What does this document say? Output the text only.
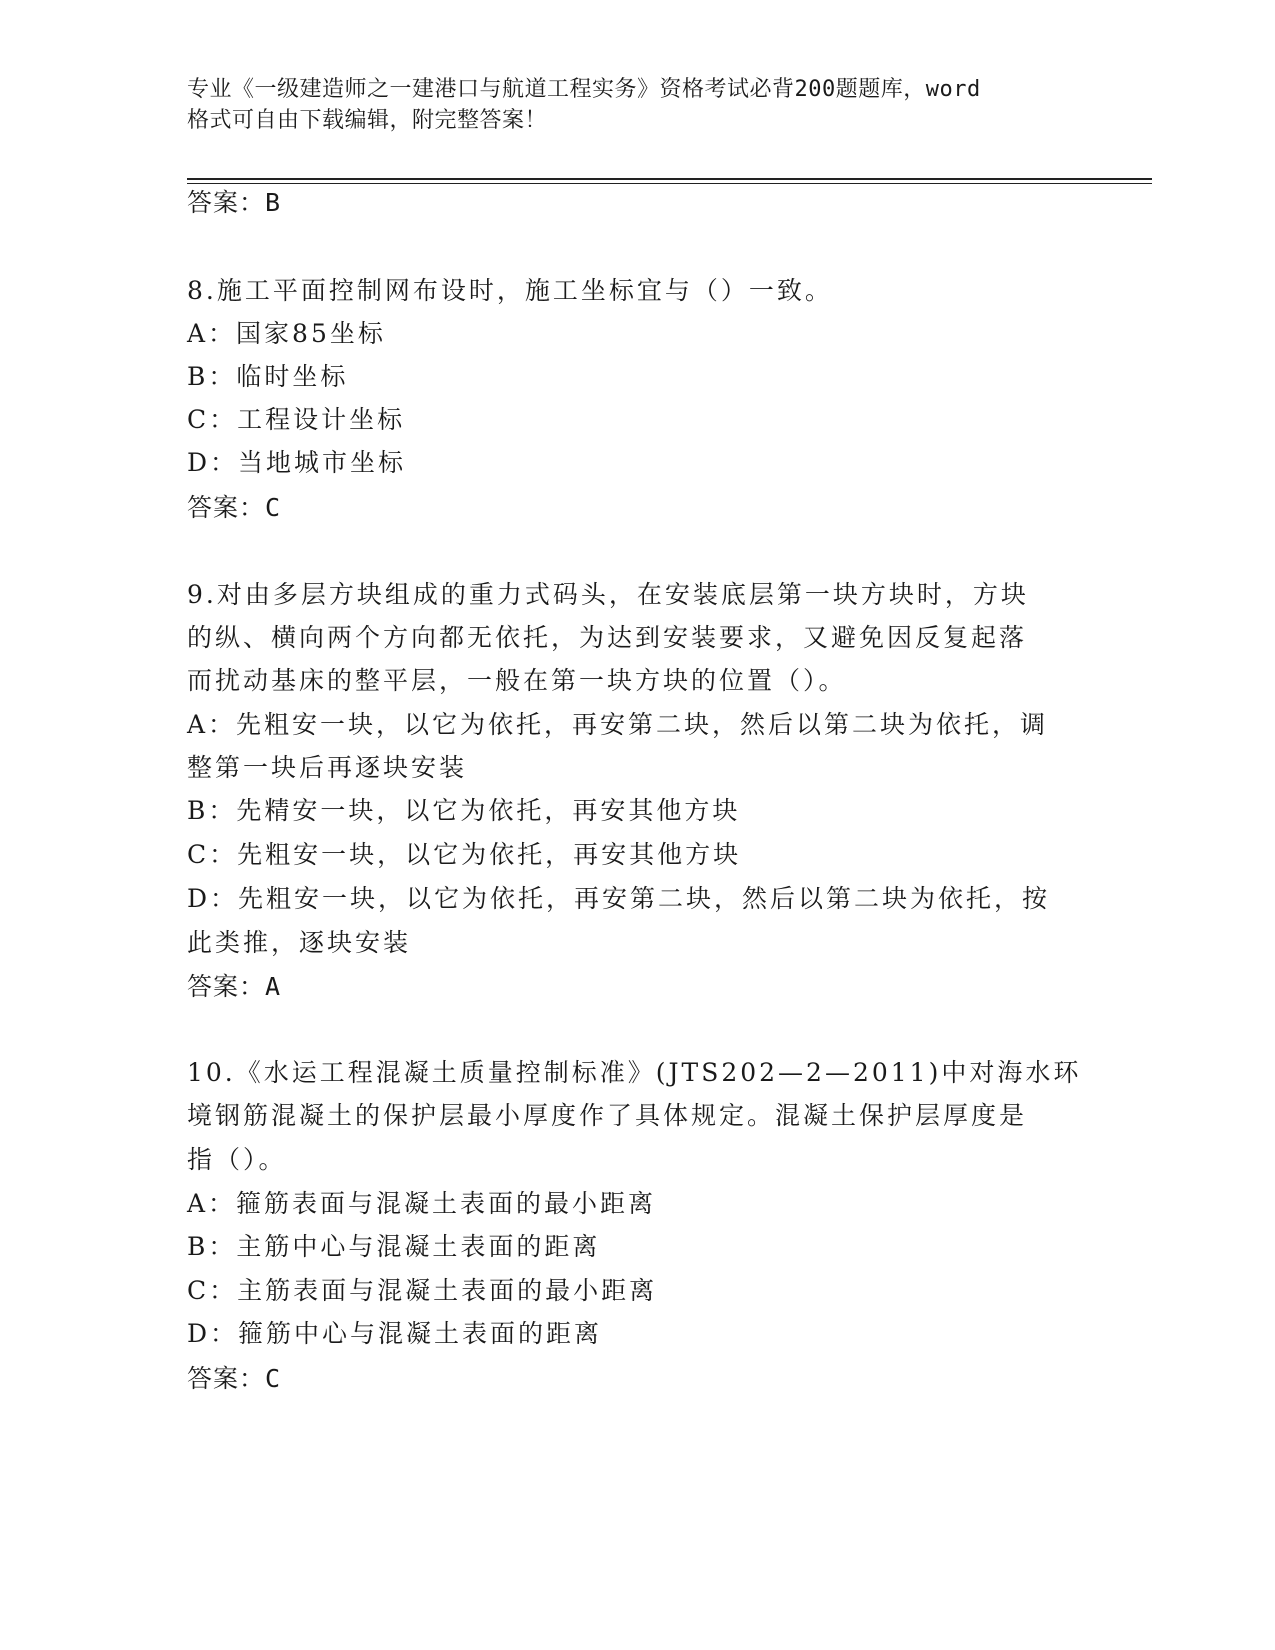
专业《一级建造师之一建港口与航道工程实务》资格考试必背200题题库，word
格式可自由下载编辑，附完整答案！
答案：B
8.施工平面控制网布设时，施工坐标宜与（）一致。
A：国家85坐标
B：临时坐标
C：工程设计坐标
D：当地城市坐标
答案：C
9.对由多层方块组成的重力式码头，在安装底层第一块方块时，方块
的纵、横向两个方向都无依托，为达到安装要求，又避免因反复起落
而扰动基床的整平层，一般在第一块方块的位置（）。
A：先粗安一块，以它为依托，再安第二块，然后以第二块为依托，调
整第一块后再逐块安装
B：先精安一块，以它为依托，再安其他方块
C：先粗安一块，以它为依托，再安其他方块
D：先粗安一块，以它为依托，再安第二块，然后以第二块为依托，按
此类推，逐块安装
答案：A
10.《水运工程混凝土质量控制标准》(JTS202—2—2011)中对海水环
境钢筋混凝土的保护层最小厚度作了具体规定。混凝土保护层厚度是
指（）。
A：箍筋表面与混凝土表面的最小距离
B：主筋中心与混凝土表面的距离
C：主筋表面与混凝土表面的最小距离
D：箍筋中心与混凝土表面的距离
答案：C
